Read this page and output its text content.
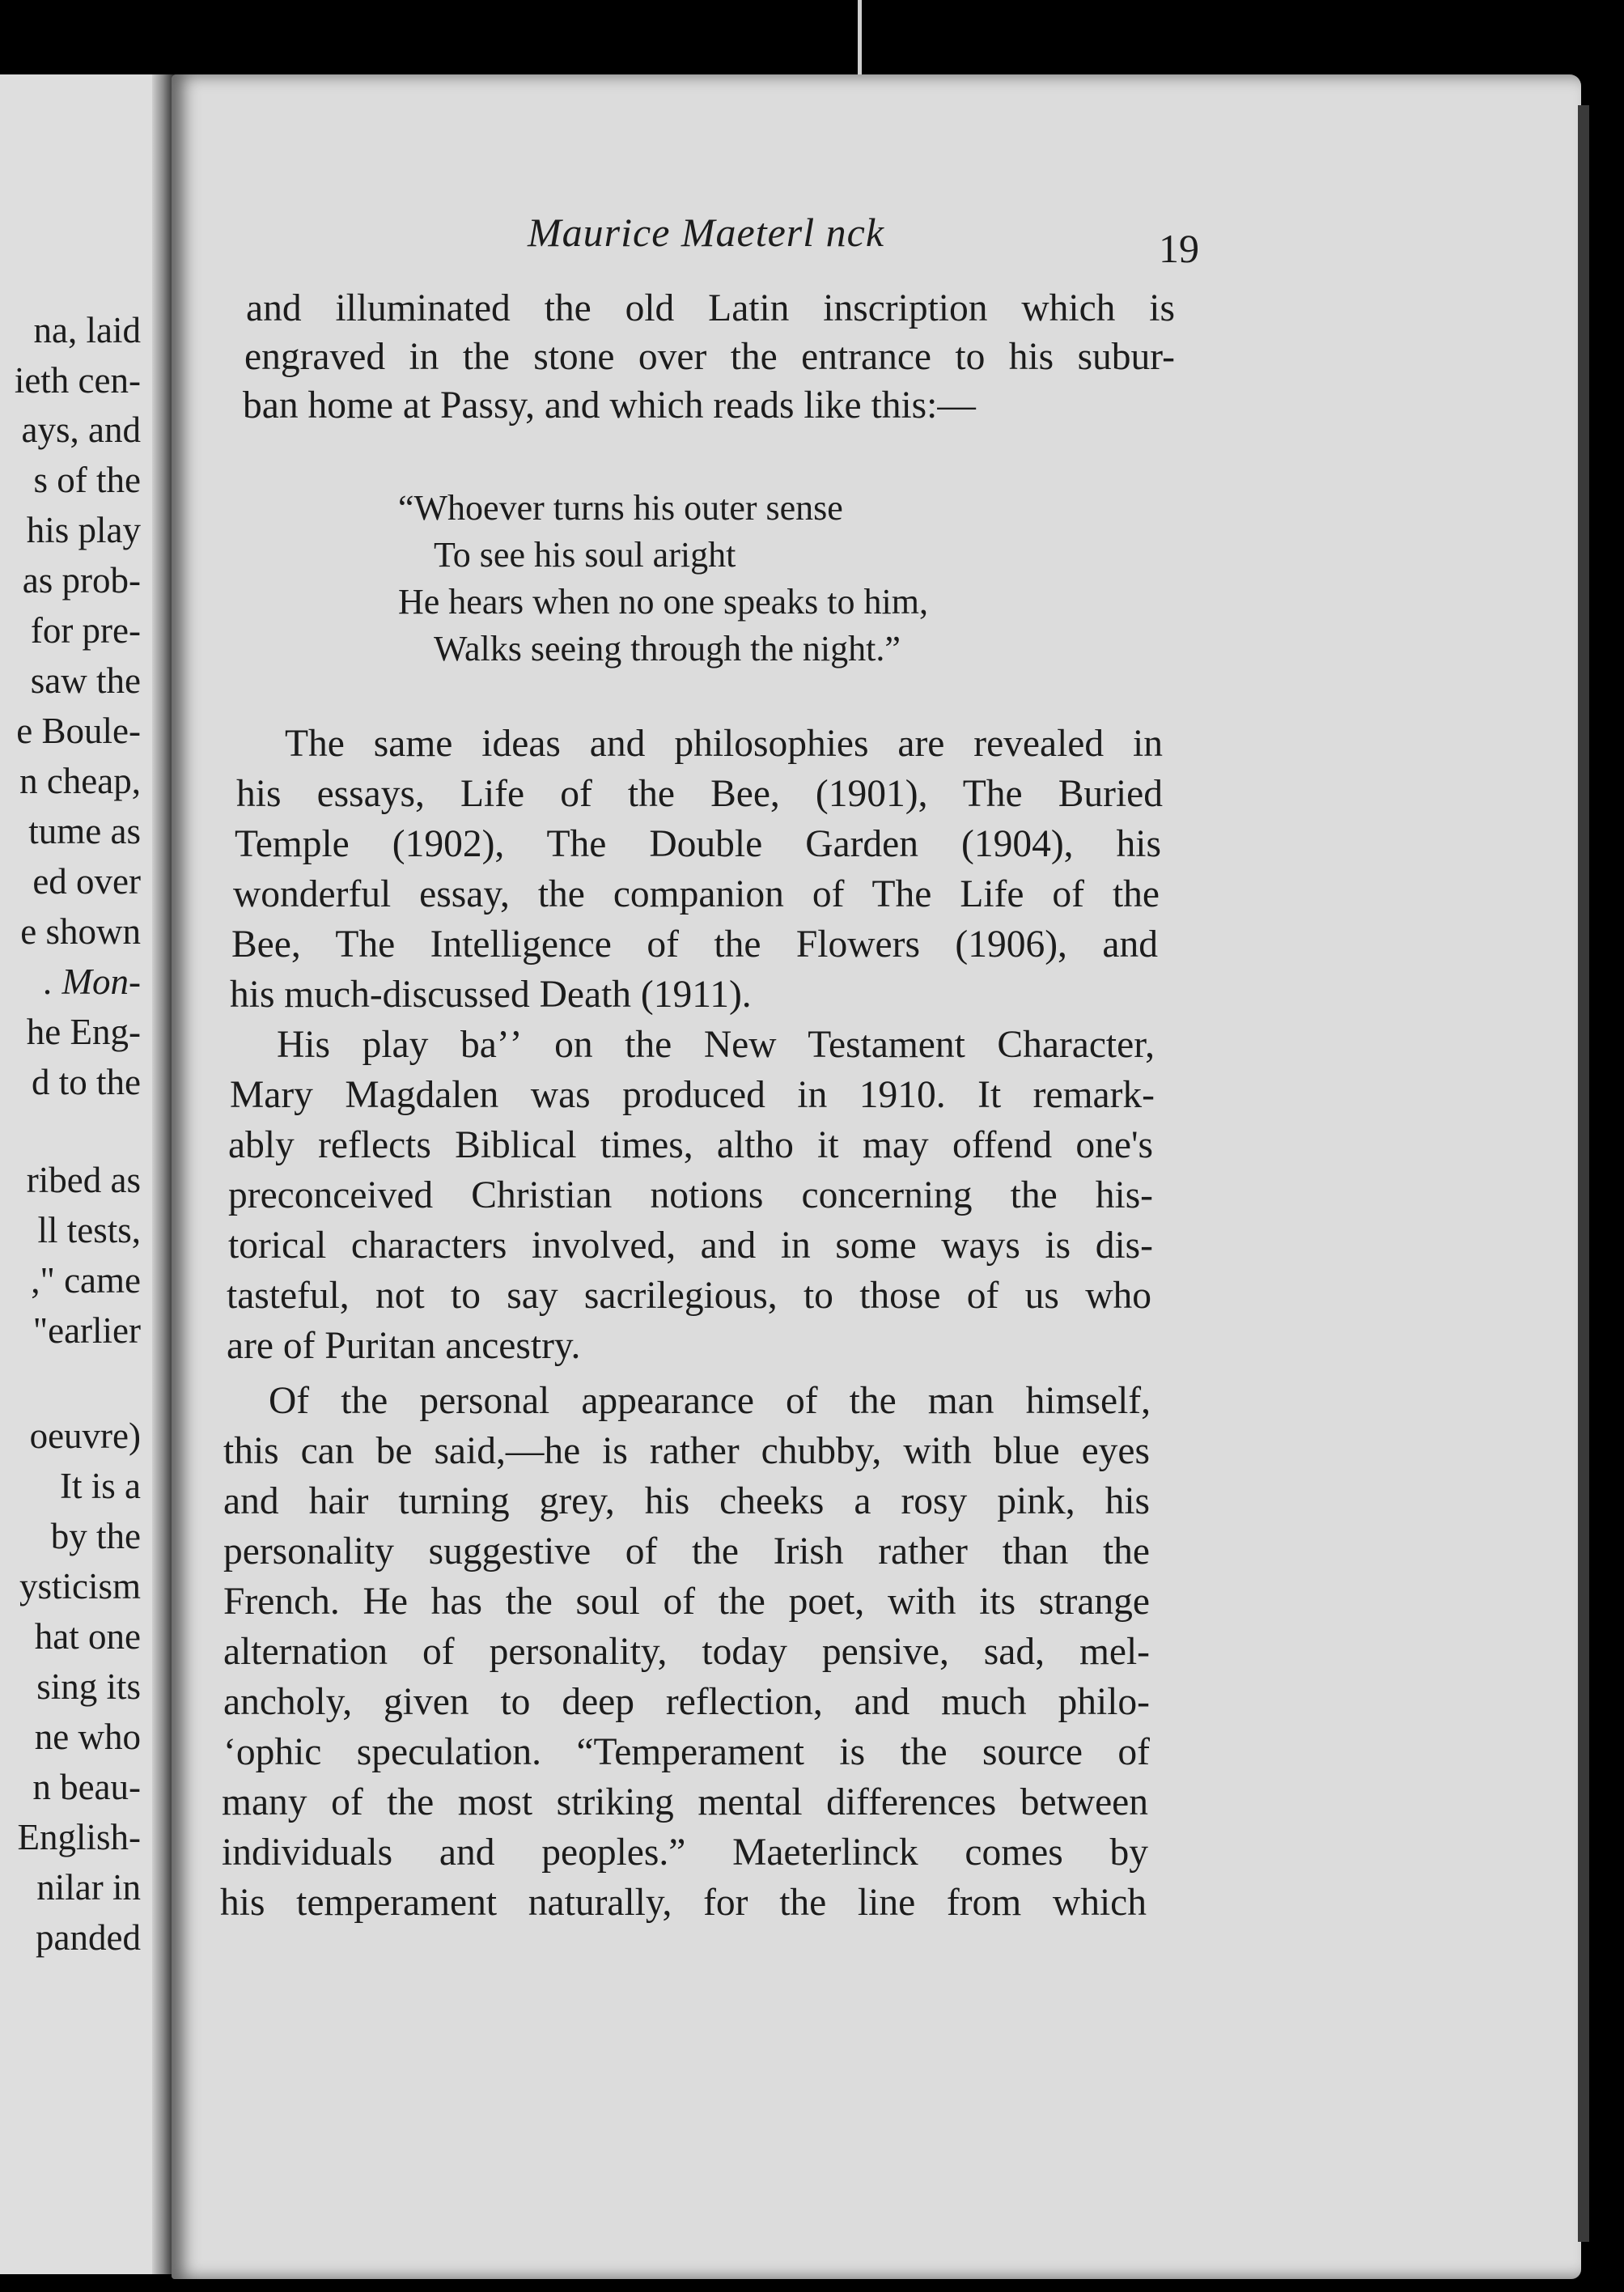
na, laid
ieth cen-
ays, and
s of the
his play
as prob-
for pre-
saw the
e Boule-
n cheap,
tume as
ed over
e shown
. Mon-
he Eng-
d to the
ribed as
ll tests,
," came
"earlier
oeuvre)
It is a
by the
ysticism
hat one
sing its
ne who
n beau-
English-
nilar in
panded
Maurice Maeterl nck	19
and illuminated the old Latin inscription which is
engraved in the stone over the entrance to his subur-
ban home at Passy, and which reads like this:—
“Whoever turns his outer sense
To see his soul aright
He hears when no one speaks to him,
Walks seeing through the night.”
The same ideas and philosophies are revealed in
his essays, Life of the Bee, (1901), The Buried
Temple (1902), The Double Garden (1904), his
wonderful essay, the companion of The Life of the
Bee, The Intelligence of the Flowers (1906), and
his much-discussed Death (1911).
His play baʼʼ on the New Testament Character,
Mary Magdalen was produced in 1910. It remark-
ably reflects Biblical times, altho it may offend one's
preconceived Christian notions concerning the his-
torical characters involved, and in some ways is dis-
tasteful, not to say sacrilegious, to those of us who
are of Puritan ancestry.
Of the personal appearance of the man himself,
this can be said,—he is rather chubby, with blue eyes
and hair turning grey, his cheeks a rosy pink, his
personality suggestive of the Irish rather than the
French. He has the soul of the poet, with its strange
alternation of personality, today pensive, sad, mel-
ancholy, given to deep reflection, and much philo-
ʻophic speculation. “Temperament is the source of
many of the most striking mental differences between
individuals and peoples.” Maeterlinck comes by
his temperament naturally, for the line from which
